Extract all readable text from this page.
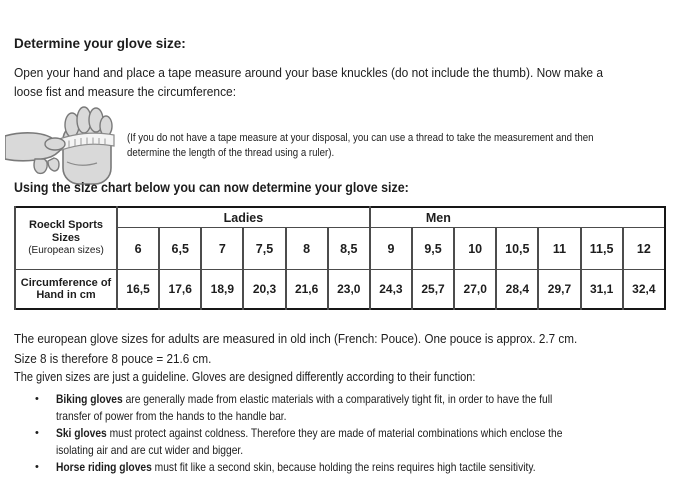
Determine your glove size:
Open your hand and place a tape measure around your base knuckles (do not include the thumb). Now make a
loose fist and measure the circumference:
(If you do not have a tape measure at your disposal, you can use a thread to take the measurement and then
determine the length of the thread using a ruler).
Using the size chart below you can now determine your glove size:
Roeckl Sports
Sizes
(European sizes)	Ladies						Men						
	6	6,5	7	7,5	8	8,5	9	9,5	10	10,5	11	11,5	12

Circumference of
Hand in cm	16,5	17,6	18,9	20,3	21,6	23,0	24,3	25,7	27,0	28,4	29,7	31,1	32,4
The european glove sizes for adults are measured in old inch (French: Pouce). One pouce is approx. 2.7 cm.
Size 8 is therefore 8 pouce = 21.6 cm.
The given sizes are just a guideline. Gloves are designed differently according to their function:
•	Biking gloves are generally made from elastic materials with a comparatively tight fit, in order to have the full transfer of power from the hands to the handle bar.
•	Ski gloves must protect against coldness. Therefore they are made of material combinations which enclose the isolating air and are cut wider and bigger.
•	Horse riding gloves must fit like a second skin, because holding the reins requires high tactile sensitivity.
